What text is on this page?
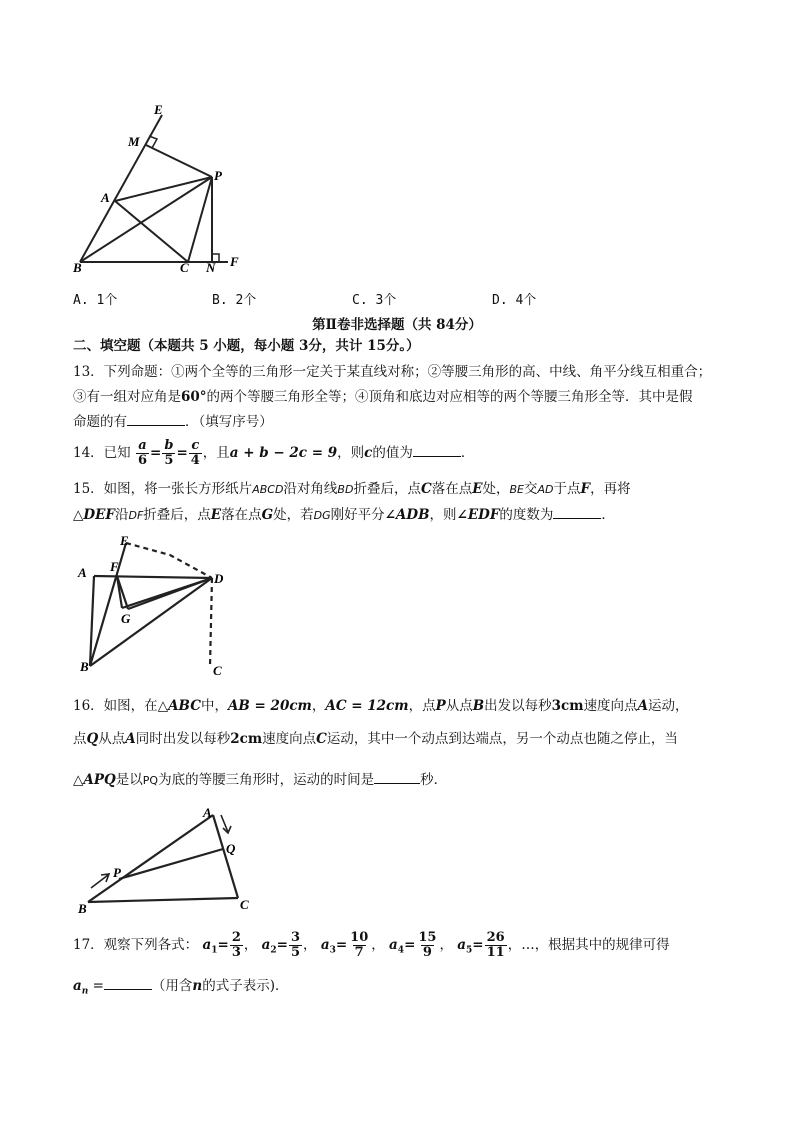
E
M
A
P
B	C N F
A. 1个	B. 2个	C. 3个	D. 4个
第Ⅱ卷非选择题（共 84分）
二、填空题（本题共 5 小题，每小题 3分，共计 15分。）
13．下列命题：①两个全等的三角形一定关于某直线对称；②等腰三角形的高、中线、角平分线互相重合；
③有一组对应角是60°的两个等腰三角形全等；④顶角和底边对应相等的两个等腰三角形全等．其中是假
命题的有	．（填写序号）
14．已知 $\frac{a}{6} = \frac{b}{5} = \frac{c}{4}$ ，且a + b − 2c = 9，则c的值为	．
15．如图，将一张长方形纸片ABCD沿对角线BD折叠后，点C落在点E处，BE交AD于点F，再将
△DEF沿DF折叠后，点E落在点G处，若DG刚好平分∠ADB，则∠EDF的度数为	．
E
A F
D
G
B	C
16．如图，在△ABC中，AB = 20cm，AC = 12cm，点P从点B出发以每秒3cm速度向点A运动，
点Q从点A同时出发以每秒2cm速度向点C运动，其中一个动点到达端点，另一个动点也随之停止，当
△APQ是以PQ为底的等腰三角形时，运动的时间是	秒．
A
Q
P
B	C
17．观察下列各式： $a_1= \frac{2}{3}$ ， $a_2= \frac{3}{5}$ ， $a_3= \frac{10}{7}$ ， $a_4= \frac{15}{9}$ ， $a_5= \frac{26}{11}$ ，…，根据其中的规律可得
$a_n$ =	（用含n的式子表示)．
